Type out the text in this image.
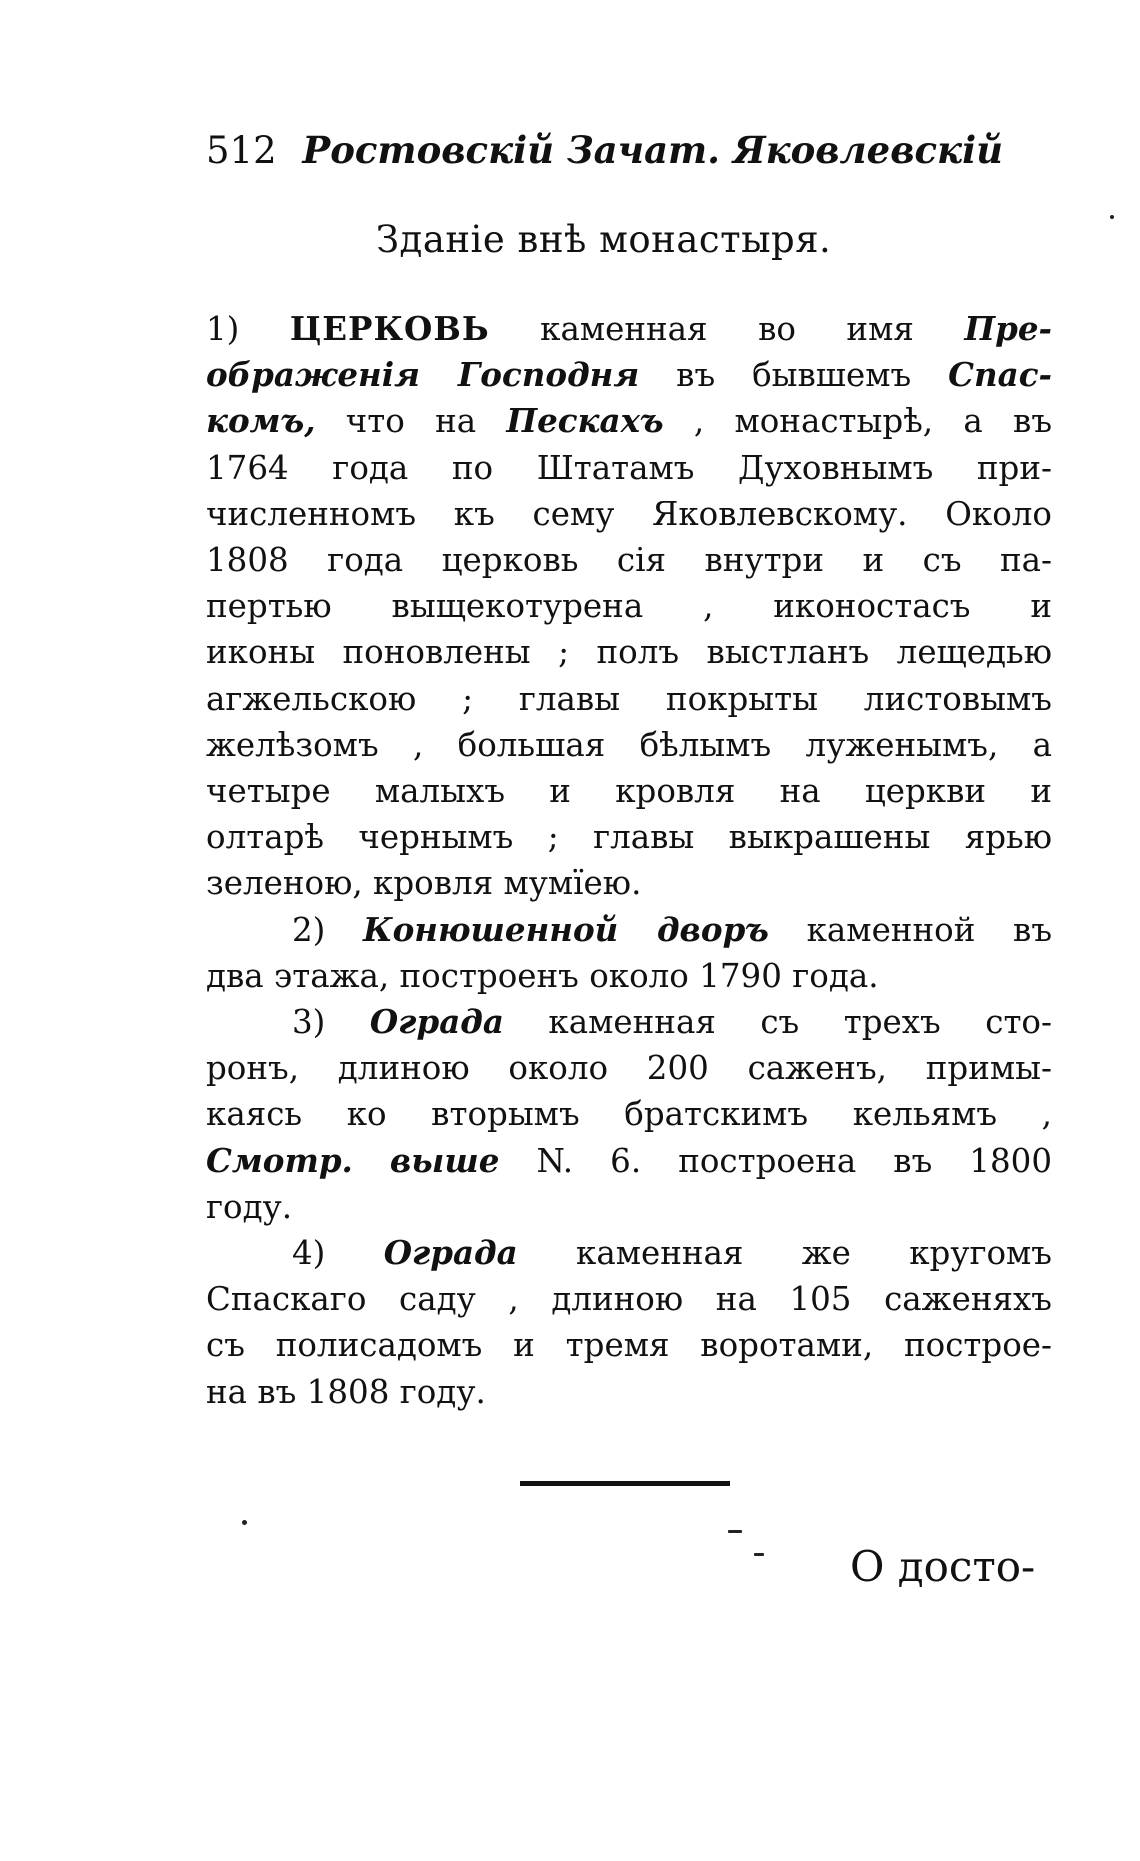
512 Ростовскій Зачат. Яковлевскій
Зданіе внѣ монастыря.

1) ЦЕРКОВЬ каменная во имя Пре-
ображенія Господня въ бывшемъ Спас-
комъ, что на Пескахъ , монастырѣ, а въ
1764 года по Штатамъ Духовнымъ при-
численномъ къ сему Яковлевскому. Около
1808 года церковь сія внутри и съ па-
пертью выщекотурена , иконостасъ и
иконы поновлены ; полъ выстланъ лещедью
агжельскою ; главы покрыты листовымъ
желѣзомъ , большая бѣлымъ луженымъ, а
четыре малыхъ и кровля на церкви и
олтарѣ чернымъ ; главы выкрашены ярью
зеленою, кровля мумїею.

2) Конюшенной дворъ каменной въ
два этажа, построенъ около 1790 года.

3) Ограда каменная съ трехъ сто-
ронъ, длиною около 200 саженъ, примы-
каясь ко вторымъ братскимъ кельямъ ,
Смотр. выше N. 6. построена въ 1800
году.

4) Ограда каменная же кругомъ
Спаскаго саду , длиною на 105 саженяхъ
съ полисадомъ и тремя воротами, построе-
на въ 1808 году.

О досто-
